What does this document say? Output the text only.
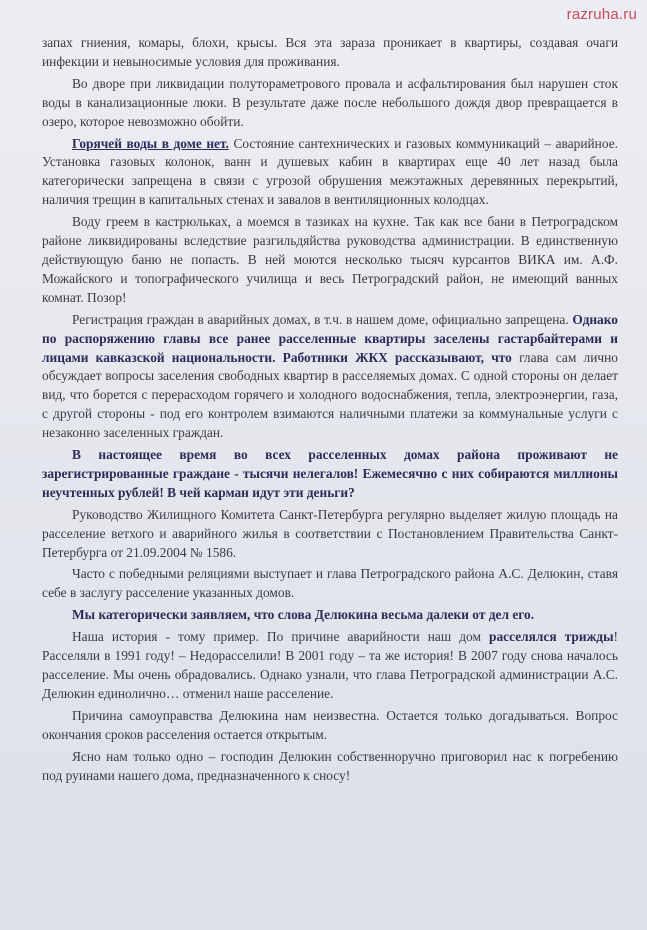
razruha.ru

запах гниения, комары, блохи, крысы. Вся эта зараза проникает в квартиры, создавая очаги инфекции и невыносимые условия для проживания.

Во дворе при ликвидации полутораметрового провала и асфальтирования был нарушен сток воды в канализационные люки. В результате даже после небольшого дождя двор превращается в озеро, которое невозможно обойти.

Горячей воды в доме нет. Состояние сантехнических и газовых коммуникаций – аварийное. Установка газовых колонок, ванн и душевых кабин в квартирах еще 40 лет назад была категорически запрещена в связи с угрозой обрушения межэтажных деревянных перекрытий, наличия трещин в капитальных стенах и завалов в вентиляционных колодцах.

Воду греем в кастрюльках, а моемся в тазиках на кухне. Так как все бани в Петроградском районе ликвидированы вследствие разгильдяйства руководства администрации. В единственную действующую баню не попасть. В ней моются несколько тысяч курсантов ВИКА им. А.Ф. Можайского и топографического училища и весь Петроградский район, не имеющий ванных комнат. Позор!

Регистрация граждан в аварийных домах, в т.ч. в нашем доме, официально запрещена. Однако по распоряжению главы все ранее расселенные квартиры заселены гастарбайтерами и лицами кавказской национальности. Работники ЖКХ рассказывают, что глава сам лично обсуждает вопросы заселения свободных квартир в расселяемых домах. С одной стороны он делает вид, что борется с перерасходом горячего и холодного водоснабжения, тепла, электроэнергии, газа, с другой стороны - под его контролем взимаются наличными платежи за коммунальные услуги с незаконно заселенных граждан.

В настоящее время во всех расселенных домах района проживают не зарегистрированные граждане - тысячи нелегалов! Ежемесячно с них собираются миллионы неучтенных рублей! В чей карман идут эти деньги?

Руководство Жилищного Комитета Санкт-Петербурга регулярно выделяет жилую площадь на расселение ветхого и аварийного жилья в соответствии с Постановлением Правительства Санкт-Петербурга от 21.09.2004 № 1586.

Часто с победными реляциями выступает и глава Петроградского района А.С. Делюкин, ставя себе в заслугу расселение указанных домов.

Мы категорически заявляем, что слова Делюкина весьма далеки от дел его.

Наша история - тому пример. По причине аварийности наш дом расселялся трижды! Расселяли в 1991 году! – Недорасселили! В 2001 году – та же история! В 2007 году снова началось расселение. Мы очень обрадовались. Однако узнали, что глава Петроградской администрации А.С. Делюкин единолично… отменил наше расселение.

Причина самоуправства Делюкина нам неизвестна. Остается только догадываться. Вопрос окончания сроков расселения остается открытым.

Ясно нам только одно – господин Делюкин собственноручно приговорил нас к погребению под руинами нашего дома, предназначенного к сносу!
